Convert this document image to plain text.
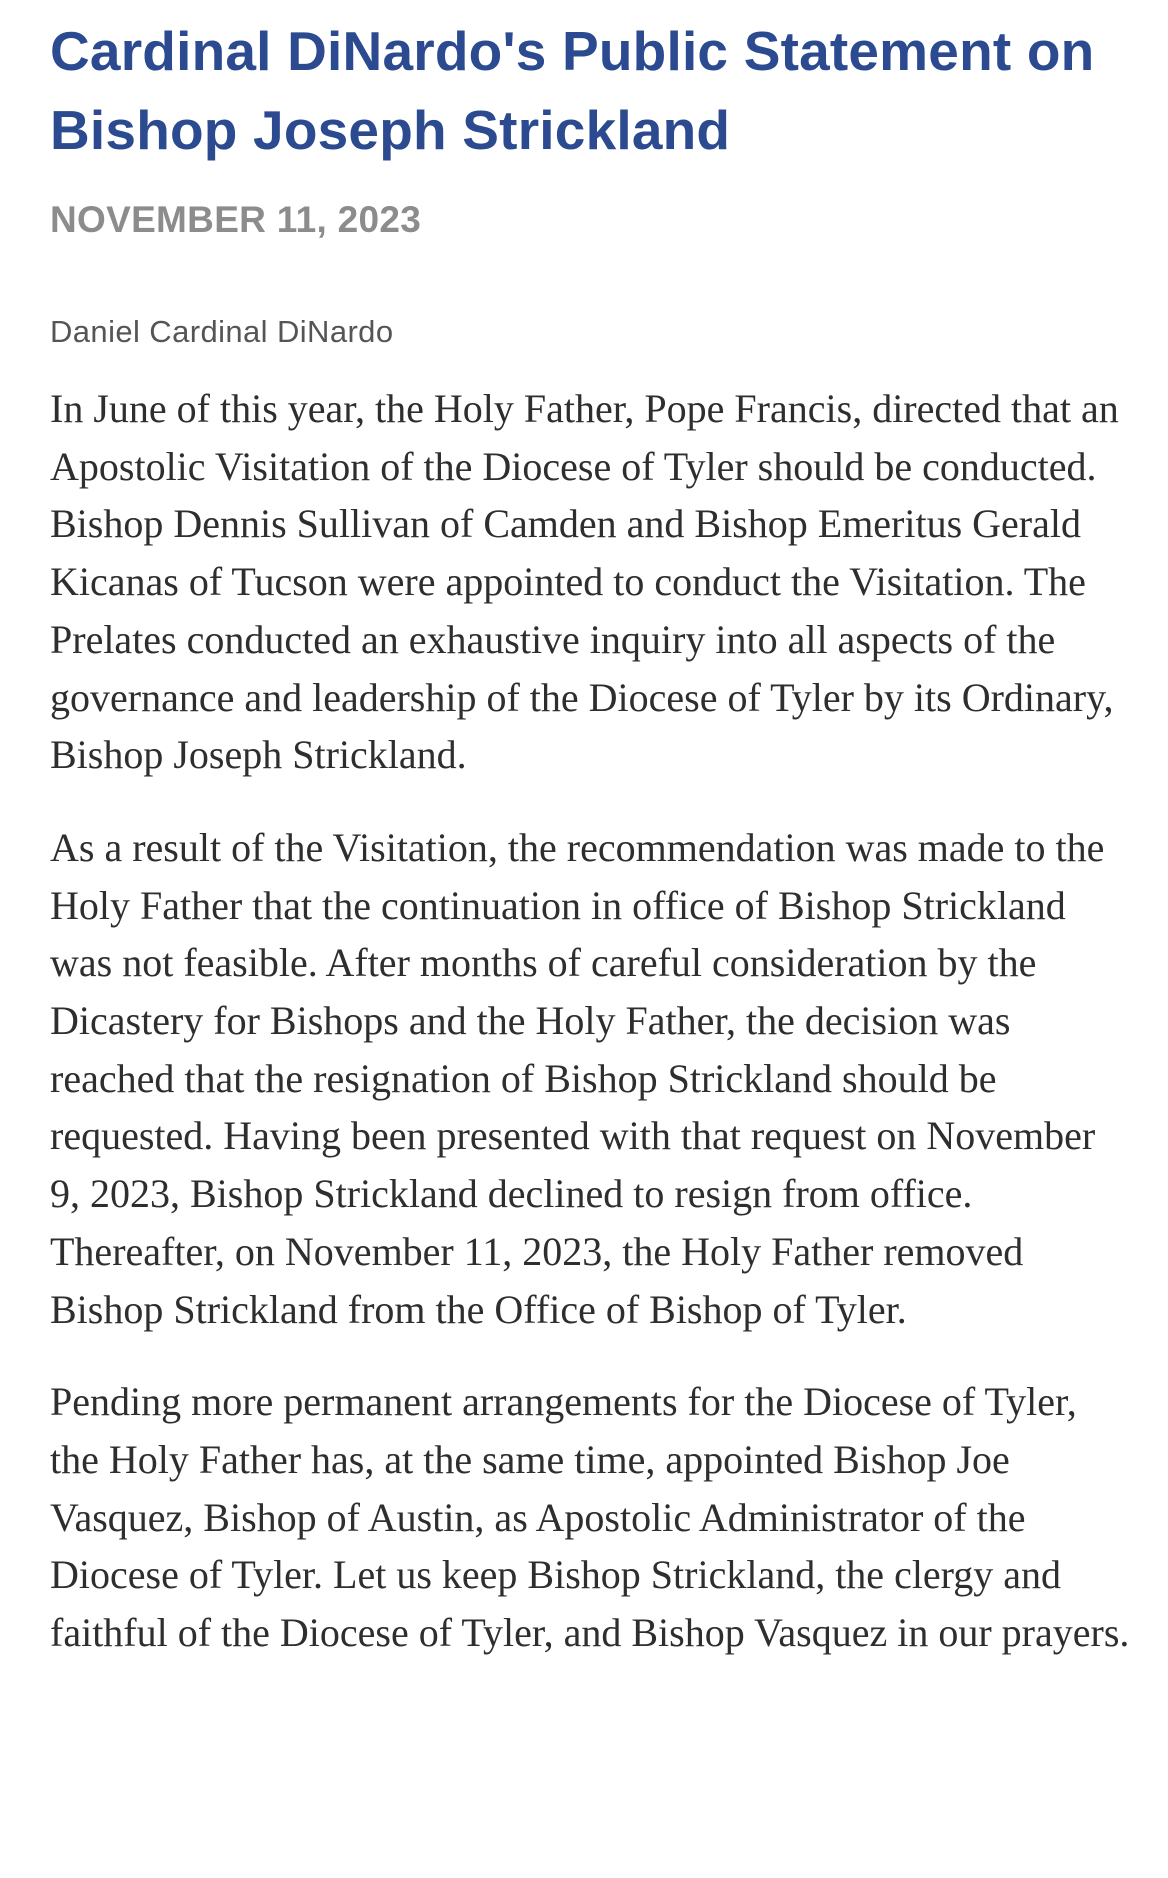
Cardinal DiNardo's Public Statement on Bishop Joseph Strickland
NOVEMBER 11, 2023
Daniel Cardinal DiNardo

In June of this year, the Holy Father, Pope Francis, directed that an Apostolic Visitation of the Diocese of Tyler should be conducted. Bishop Dennis Sullivan of Camden and Bishop Emeritus Gerald Kicanas of Tucson were appointed to conduct the Visitation. The Prelates conducted an exhaustive inquiry into all aspects of the governance and leadership of the Diocese of Tyler by its Ordinary, Bishop Joseph Strickland.

As a result of the Visitation, the recommendation was made to the Holy Father that the continuation in office of Bishop Strickland was not feasible. After months of careful consideration by the Dicastery for Bishops and the Holy Father, the decision was reached that the resignation of Bishop Strickland should be requested. Having been presented with that request on November 9, 2023, Bishop Strickland declined to resign from office. Thereafter, on November 11, 2023, the Holy Father removed Bishop Strickland from the Office of Bishop of Tyler.

Pending more permanent arrangements for the Diocese of Tyler, the Holy Father has, at the same time, appointed Bishop Joe Vasquez, Bishop of Austin, as Apostolic Administrator of the Diocese of Tyler. Let us keep Bishop Strickland, the clergy and faithful of the Diocese of Tyler, and Bishop Vasquez in our prayers.
